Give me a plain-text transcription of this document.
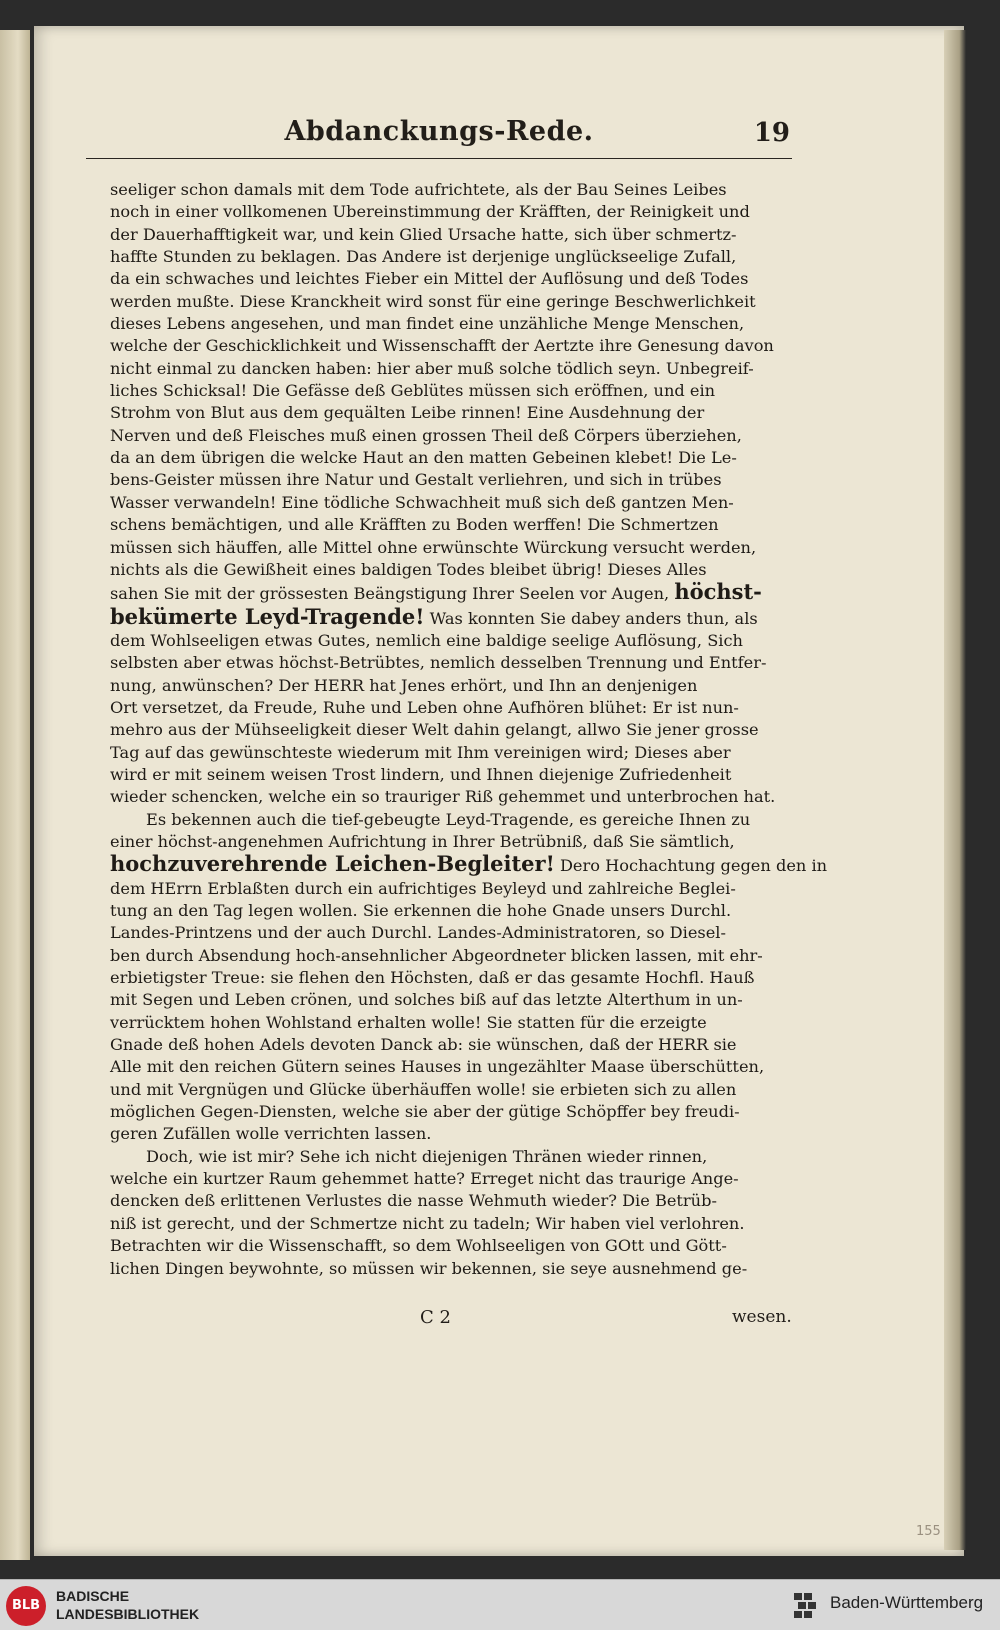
Abdanckungs-Rede.	19
seeliger schon damals mit dem Tode aufrichtete, als der Bau Seines Leibes
noch in einer vollkomenen Ubereinstimmung der Kräfften, der Reinigkeit und
der Dauerhafftigkeit war, und kein Glied Ursache hatte, sich über schmertz-
haffte Stunden zu beklagen. Das Andere ist derjenige unglückseelige Zufall,
da ein schwaches und leichtes Fieber ein Mittel der Auflösung und deß Todes
werden mußte. Diese Kranckheit wird sonst für eine geringe Beschwerlichkeit
dieses Lebens angesehen, und man findet eine unzähliche Menge Menschen,
welche der Geschicklichkeit und Wissenschafft der Aertzte ihre Genesung davon
nicht einmal zu dancken haben: hier aber muß solche tödlich seyn. Unbegreif-
liches Schicksal! Die Gefässe deß Geblütes müssen sich eröffnen, und ein
Strohm von Blut aus dem gequälten Leibe rinnen! Eine Ausdehnung der
Nerven und deß Fleisches muß einen grossen Theil deß Cörpers überziehen,
da an dem übrigen die welcke Haut an den matten Gebeinen klebet! Die Le-
bens-Geister müssen ihre Natur und Gestalt verliehren, und sich in trübes
Wasser verwandeln! Eine tödliche Schwachheit muß sich deß gantzen Men-
schens bemächtigen, und alle Kräfften zu Boden werffen! Die Schmertzen
müssen sich häuffen, alle Mittel ohne erwünschte Würckung versucht werden,
nichts als die Gewißheit eines baldigen Todes bleibet übrig! Dieses Alles
sahen Sie mit der grössesten Beängstigung Ihrer Seelen vor Augen, höchst-
bekümerte Leyd-Tragende! Was konnten Sie dabey anders thun, als
dem Wohlseeligen etwas Gutes, nemlich eine baldige seelige Auflösung, Sich
selbsten aber etwas höchst-Betrübtes, nemlich desselben Trennung und Entfer-
nung, anwünschen? Der HERR hat Jenes erhört, und Ihn an denjenigen
Ort versetzet, da Freude, Ruhe und Leben ohne Aufhören blühet: Er ist nun-
mehro aus der Mühseeligkeit dieser Welt dahin gelangt, allwo Sie jener grosse
Tag auf das gewünschteste wiederum mit Ihm vereinigen wird; Dieses aber
wird er mit seinem weisen Trost lindern, und Ihnen diejenige Zufriedenheit
wieder schencken, welche ein so trauriger Riß gehemmet und unterbrochen hat.
Es bekennen auch die tief-gebeugte Leyd-Tragende, es gereiche Ihnen zu
einer höchst-angenehmen Aufrichtung in Ihrer Betrübniß, daß Sie sämtlich,
hochzuverehrende Leichen-Begleiter! Dero Hochachtung gegen den in
dem HErrn Erblaßten durch ein aufrichtiges Beyleyd und zahlreiche Beglei-
tung an den Tag legen wollen. Sie erkennen die hohe Gnade unsers Durchl.
Landes-Printzens und der auch Durchl. Landes-Administratoren, so Diesel-
ben durch Absendung hoch-ansehnlicher Abgeordneter blicken lassen, mit ehr-
erbietigster Treue: sie flehen den Höchsten, daß er das gesamte Hochfl. Hauß
mit Segen und Leben crönen, und solches biß auf das letzte Alterthum in un-
verrücktem hohen Wohlstand erhalten wolle! Sie statten für die erzeigte
Gnade deß hohen Adels devoten Danck ab: sie wünschen, daß der HERR sie
Alle mit den reichen Gütern seines Hauses in ungezählter Maase überschütten,
und mit Vergnügen und Glücke überhäuffen wolle! sie erbieten sich zu allen
möglichen Gegen-Diensten, welche sie aber der gütige Schöpffer bey freudi-
geren Zufällen wolle verrichten lassen.
Doch, wie ist mir? Sehe ich nicht diejenigen Thränen wieder rinnen,
welche ein kurtzer Raum gehemmet hatte? Erreget nicht das traurige Ange-
dencken deß erlittenen Verlustes die nasse Wehmuth wieder? Die Betrüb-
niß ist gerecht, und der Schmertze nicht zu tadeln; Wir haben viel verlohren.
Betrachten wir die Wissenschafft, so dem Wohlseeligen von GOtt und Gött-
lichen Dingen beywohnte, so müssen wir bekennen, sie seye ausnehmend ge-
C 2	wesen.
155
BLB
BADISCHE
LANDESBIBLIOTHEK
Baden-Württemberg
